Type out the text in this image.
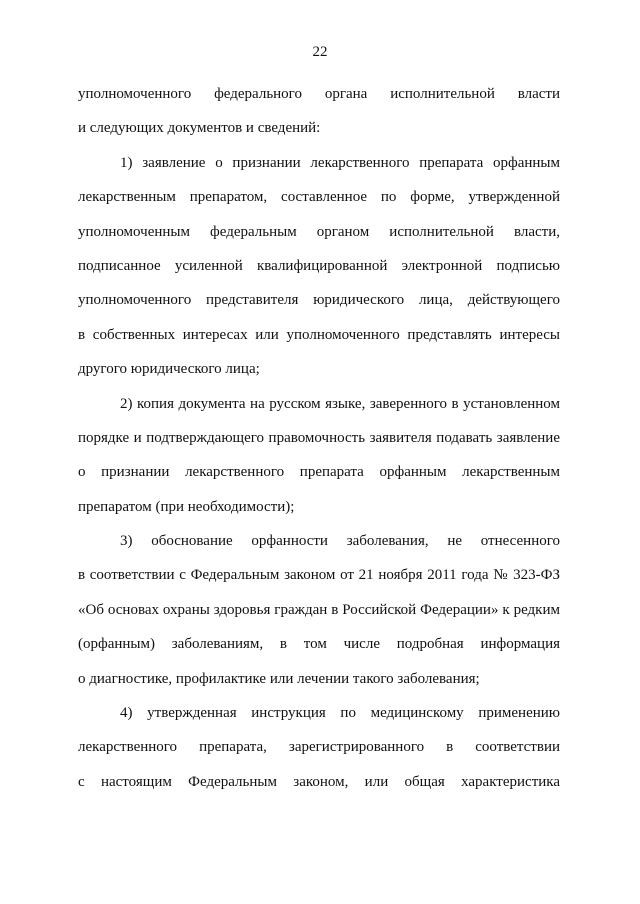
22
уполномоченного федерального органа исполнительной власти
и следующих документов и сведений:
1) заявление о признании лекарственного препарата орфанным
лекарственным препаратом, составленное по форме, утвержденной
уполномоченным федеральным органом исполнительной власти,
подписанное усиленной квалифицированной электронной подписью
уполномоченного представителя юридического лица, действующего
в собственных интересах или уполномоченного представлять интересы
другого юридического лица;
2) копия документа на русском языке, заверенного в установленном
порядке и подтверждающего правомочность заявителя подавать заявление
о признании лекарственного препарата орфанным лекарственным
препаратом (при необходимости);
3) обоснование орфанности заболевания, не отнесенного
в соответствии с Федеральным законом от 21 ноября 2011 года № 323-ФЗ
«Об основах охраны здоровья граждан в Российской Федерации» к редким
(орфанным) заболеваниям, в том числе подробная информация
о диагностике, профилактике или лечении такого заболевания;
4) утвержденная инструкция по медицинскому применению
лекарственного препарата, зарегистрированного в соответствии
с настоящим Федеральным законом, или общая характеристика
